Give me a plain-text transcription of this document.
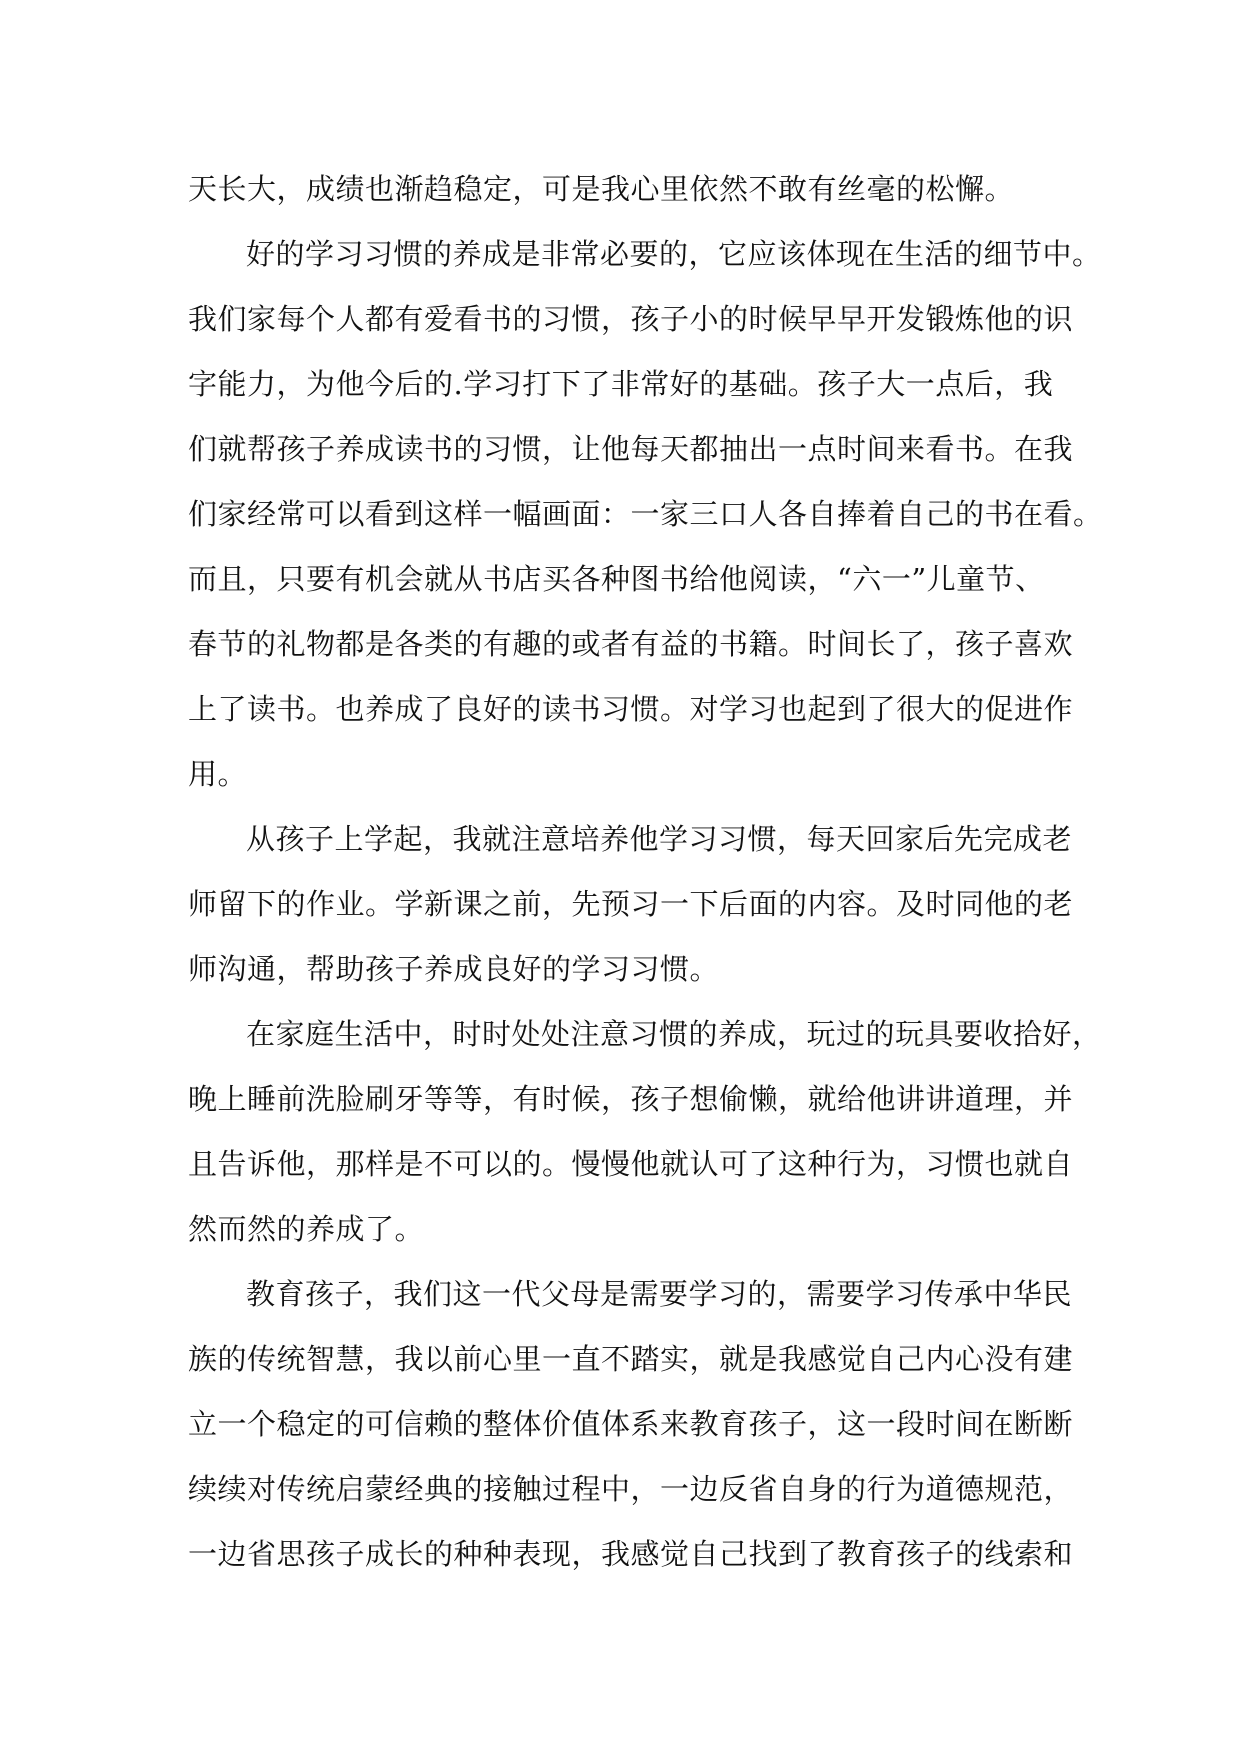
天长大，成绩也渐趋稳定，可是我心里依然不敢有丝毫的松懈。
好的学习习惯的养成是非常必要的，它应该体现在生活的细节中。
我们家每个人都有爱看书的习惯，孩子小的时候早早开发锻炼他的识
字能力，为他今后的.学习打下了非常好的基础。孩子大一点后，我
们就帮孩子养成读书的习惯，让他每天都抽出一点时间来看书。在我
们家经常可以看到这样一幅画面：一家三口人各自捧着自己的书在看。
而且，只要有机会就从书店买各种图书给他阅读，“六一”儿童节、
春节的礼物都是各类的有趣的或者有益的书籍。时间长了，孩子喜欢
上了读书。也养成了良好的读书习惯。对学习也起到了很大的促进作
用。
从孩子上学起，我就注意培养他学习习惯，每天回家后先完成老
师留下的作业。学新课之前，先预习一下后面的内容。及时同他的老
师沟通，帮助孩子养成良好的学习习惯。
在家庭生活中，时时处处注意习惯的养成，玩过的玩具要收拾好，
晚上睡前洗脸刷牙等等，有时候，孩子想偷懒，就给他讲讲道理，并
且告诉他，那样是不可以的。慢慢他就认可了这种行为，习惯也就自
然而然的养成了。
教育孩子，我们这一代父母是需要学习的，需要学习传承中华民
族的传统智慧，我以前心里一直不踏实，就是我感觉自己内心没有建
立一个稳定的可信赖的整体价值体系来教育孩子，这一段时间在断断
续续对传统启蒙经典的接触过程中，一边反省自身的行为道德规范，
一边省思孩子成长的种种表现，我感觉自己找到了教育孩子的线索和
